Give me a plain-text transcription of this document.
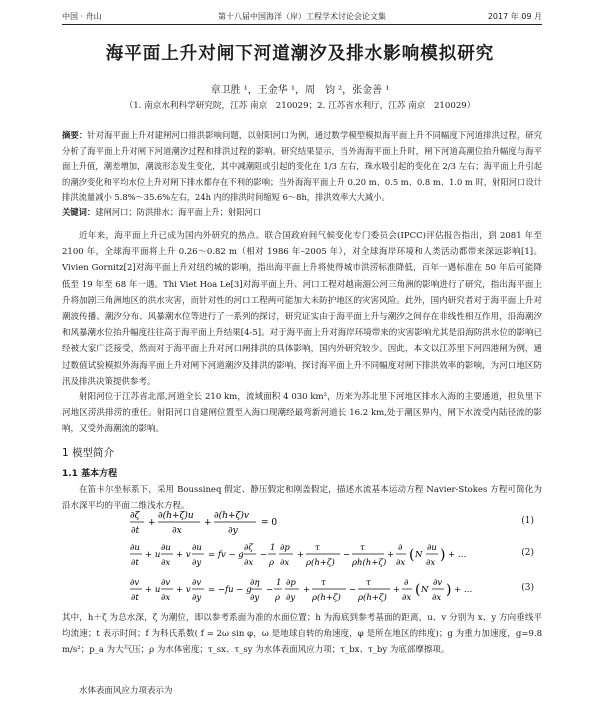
中国 · 舟山	第十八届中国海洋（岸）工程学术讨论会论文集	2017 年 09 月
海平面上升对闸下河道潮汐及排水影响模拟研究
章卫胜 ¹，王金华 ¹，周　钧 ²，张金善 ¹
（1. 南京水利科学研究院，江苏 南京　210029；2. 江苏省水利厅，江苏 南京　210029）
摘要：针对海平面上升对建闸河口排洪影响问题，以射阳河口为例，通过数学模型模拟海平面上升不同幅度下河道排洪过程，研究分析了海平面上升对闸下河道潮汐过程和排洪过程的影响。研究结果显示，当外海海平面上升时，闸下河道高潮位抬升幅度与海平面上升值，潮差增加，潮波形态发生变化，其中减潮阻或引起的变化在 1/3 左右，珠水吸引起的变化在 2/3 左右；海平面上升引起的潮汐变化和平均水位上升对闸下排水都存在不利的影响；当外海海平面上升 0.20 m、0.5 m、0.8 m、1.0 m 时，射阳河口设计排洪流量减小 5.8%～35.6%左右，24h 内的排洪时间缩短 6～8h，排洪效率大大减小。
关键词：建闸河口；防洪排水；海平面上升；射阳河口
近年来，海平面上升已成为国内外研究的热点。联合国政府间气候变化专门委员会(IPCC)评估报告指出，到 2081 年至 2100 年，全球海平面将上升 0.26～0.82 m（相对 1986 年–2005 年），对全球海岸环境和人类活动都带来深远影响[1]。Vivien Gornitz[2]对海平面上升对纽约城的影响，指出海平面上升将使得城市洪涝标准降低，百年一遇标准在 50 年后可能降低至 19 年至 68 年一遇。Thi Viet Hoa Le[3]对海平面上升、河口工程对越南湄公河三角洲的影响进行了研究，指出海平面上升将加剧三角洲地区的洪水灾害，而针对性的河口工程两可能加大未防护地区的灾害风险。此外，国内研究者对于海平面上升对潮波传播、潮汐分布、风暴潮水位等进行了一系列的探讨，研究证实由于海平面上升与潮汐之间存在非线性相互作用，沿海潮汐和风暴潮水位抬升幅度往往高于海平面上升结果[4-5]。对于海平面上升对海岸环境带来的灾害影响尤其是沿海防洪水位的影响已经被大家广泛接受，然而对于海平面上升对河口闸排洪的具体影响，国内外研究较少。因此，本文以江苏里下河四港闸为例，通过数值试验模拟外海海平面上升对闸下河道潮汐及排洪的影响，探讨海平面上升不同幅度对闸下排洪效率的影响，为河口地区防汛及排洪决策提供参考。
射阳河位于江苏省北部,河道全长 210 km，流域面积 4 030 km²，历来为苏北里下河地区排水入海的主要通道，担负里下河地区涝洪排涝的重任。射阳河口自建闸位置至入海口现潮经最弯新河道长 16.2 km,处于潮区界内，闸下水流受内陆径流的影响，又受外海潮流的影响。
1 模型简介
1.1 基本方程
在笛卡尔坐标系下，采用 Boussineq 假定、静压假定和刚盖假定，描述水流基本运动方程 Navier-Stokes 方程可简化为沿水深平均的平面二维浅水方程。
∂ζ
∂t
+
∂(h+ζ)u
∂x
+
∂(h+ζ)v
∂y
= 0	(1)
∂u
∂t
+ u
∂u
∂x
+ v
∂u
∂y
= fv − g
∂ζ
∂x
−
1
ρ
∂p
∂x
+
τ
ρ(h+ζ)
−
τ
ρh(h+ζ)
+
∂
∂x ( N
∂u
∂x ) + …	(2)
∂v
∂t
+ u
∂v
∂x
+ v
∂v
∂y
= −fu − g
∂η
∂y
−
1
ρ
∂p
∂y
+
τ
ρ(h+ζ)
−
τ
ρ(h+ζ)
+
∂
∂x ( N
∂v
∂x ) + …	(3)
其中，h＋ζ 为总水深，ζ 为潮位，即以参考系面为准的水面位置；h 为海底到参考基面的距离，u、v 分别为 x、y 方向垂线平均流速；t 表示时间；f 为科氏系数( f = 2ω sin φ，ω 是地球自转的角速度，φ 是所在地区的纬度)；g 为重力加速度，g=9.8 m/s²；p_a 为大气压；ρ 为水体密度；τ_sx、τ_sy 为水体表面风应力项；τ_bx、τ_by 为底部摩擦项。
水体表面风应力项表示为
